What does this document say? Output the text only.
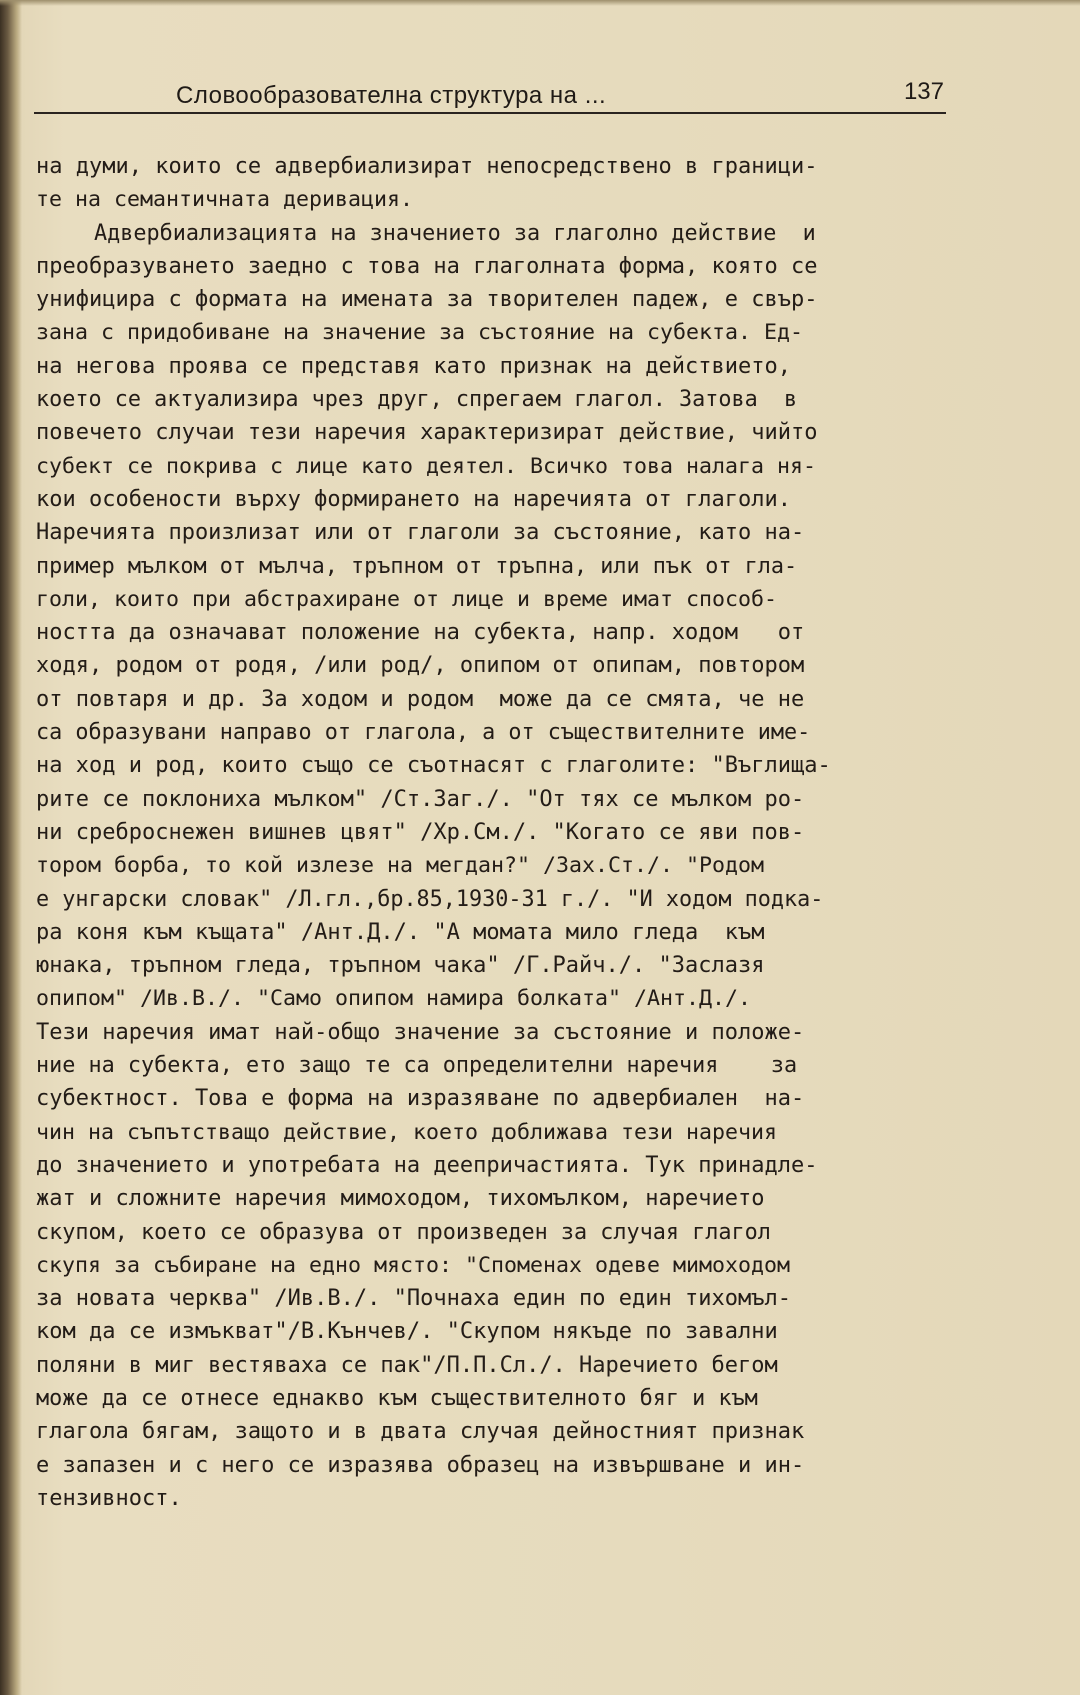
Словообразователна структура на ...	137
на думи, които се адвербиализират непосредствено в граници-
те на семантичната деривация.
Адвербиализацията на значението за глаголно действие  и
преобразуването заедно с това на глаголната форма, която се
унифицира с формата на имената за творителен падеж, е свър-
зана с придобиване на значение за състояние на субекта. Ед-
на негова проява се представя като признак на действието,
което се актуализира чрез друг, спрегаем глагол. Затова  в
повечето случаи тези наречия характеризират действие, чийто
субект се покрива с лице като деятел. Всичко това налага ня-
кои особености върху формирането на наречията от глаголи.
Наречията произлизат или от глаголи за състояние, като на-
пример мълком от мълча, тръпном от тръпна, или пък от гла-
голи, които при абстрахиране от лице и време имат способ-
ността да означават положение на субекта, напр. ходом   от
ходя, родом от родя, /или род/, опипом от опипам, повтором
от повтаря и др. За ходом и родом  може да се смята, че не
са образувани направо от глагола, а от съществителните име-
на ход и род, които също се съотнасят с глаголите: "Въглища-
рите се поклониха мълком" /Ст.Заг./. "От тях се мълком ро-
ни среброснежен вишнев цвят" /Хр.См./. "Когато се яви пов-
тором борба, то кой излезе на мегдан?" /Зах.Ст./. "Родом
е унгарски словак" /Л.гл.,бр.85,1930-31 г./. "И ходом подка-
ра коня към къщата" /Ант.Д./. "А момата мило гледа  към
юнака, тръпном гледа, тръпном чака" /Г.Райч./. "Заслазя
опипом" /Ив.В./. "Само опипом намира болката" /Ант.Д./.
Тези наречия имат най-общо значение за състояние и положе-
ние на субекта, ето защо те са определителни наречия    за
субектност. Това е форма на изразяване по адвербиален  на-
чин на съпътстващо действие, което доближава тези наречия
до значението и употребата на деепричастията. Тук принадле-
жат и сложните наречия мимоходом, тихомълком, наречието
скупом, което се образува от произведен за случая глагол
скупя за събиране на едно място: "Споменах одеве мимоходом
за новата черква" /Ив.В./. "Почнаха един по един тихомъл-
ком да се измъкват"/В.Кънчев/. "Скупом някъде по завални
поляни в миг вестяваха се пак"/П.П.Сл./. Наречието бегом
може да се отнесе еднакво към съществителното бяг и към
глагола бягам, защото и в двата случая дейностният признак
е запазен и с него се изразява образец на извършване и ин-
тензивност.
